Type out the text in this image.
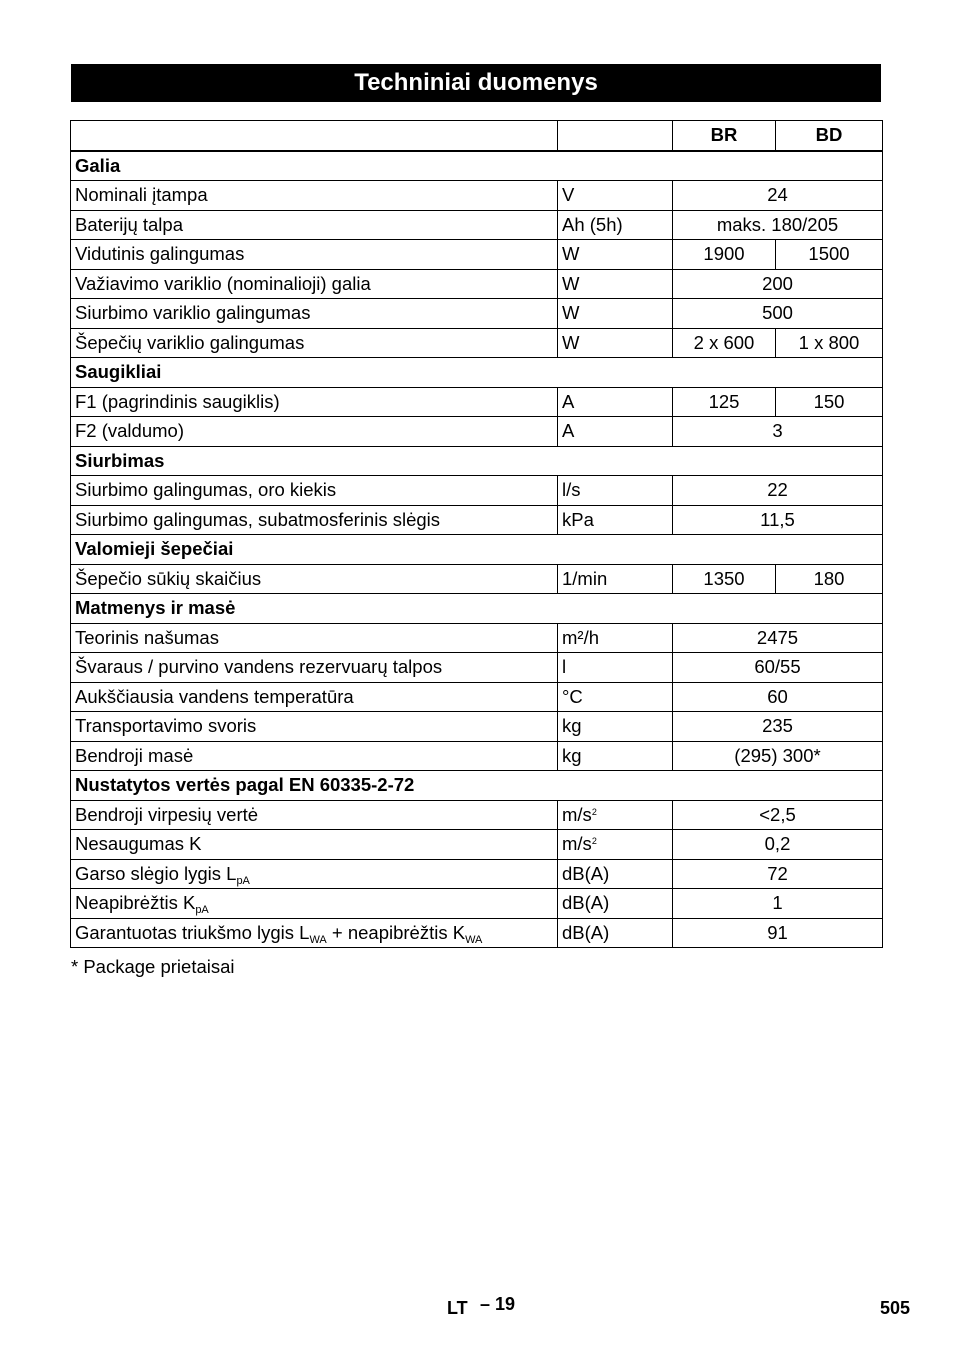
Techniniai duomenys
		BR	BD
Galia			
Nominali įtampa	V	24	
Baterijų talpa	Ah (5h)	maks. 180/205	
Vidutinis galingumas	W	1900	1500
Važiavimo variklio (nominalioji) galia	W	200	
Siurbimo variklio galingumas	W	500	
Šepečių variklio galingumas	W	2 x 600	1 x 800
Saugikliai			
F1 (pagrindinis saugiklis)	A	125	150
F2 (valdumo)	A	3	
Siurbimas			
Siurbimo galingumas, oro kiekis	l/s	22	
Siurbimo galingumas, subatmosferinis slėgis	kPa	11,5	
Valomieji šepečiai			
Šepečio sūkių skaičius	1/min	1350	180
Matmenys ir masė			
Teorinis našumas	m²/h	2475	
Švaraus / purvino vandens rezervuarų talpos	l	60/55	
Aukščiausia vandens temperatūra	°C	60	
Transportavimo svoris	kg	235	
Bendroji masė	kg	(295) 300*	
Nustatytos vertės pagal EN 60335-2-72			
Bendroji virpesių vertė	$m/s^2$	<2,5	
Nesaugumas K	$m/s^2$	0,2	
Garso slėgio lygis $L_{pA}$	dB(A)	72	
Neapibrėžtis $K_{pA}$	dB(A)	1	
Garantuotas triukšmo lygis $L_{WA}$ + neapibrėžtis $K_{WA}$	dB(A)	91	
* Package prietaisai
LT – 19	505
